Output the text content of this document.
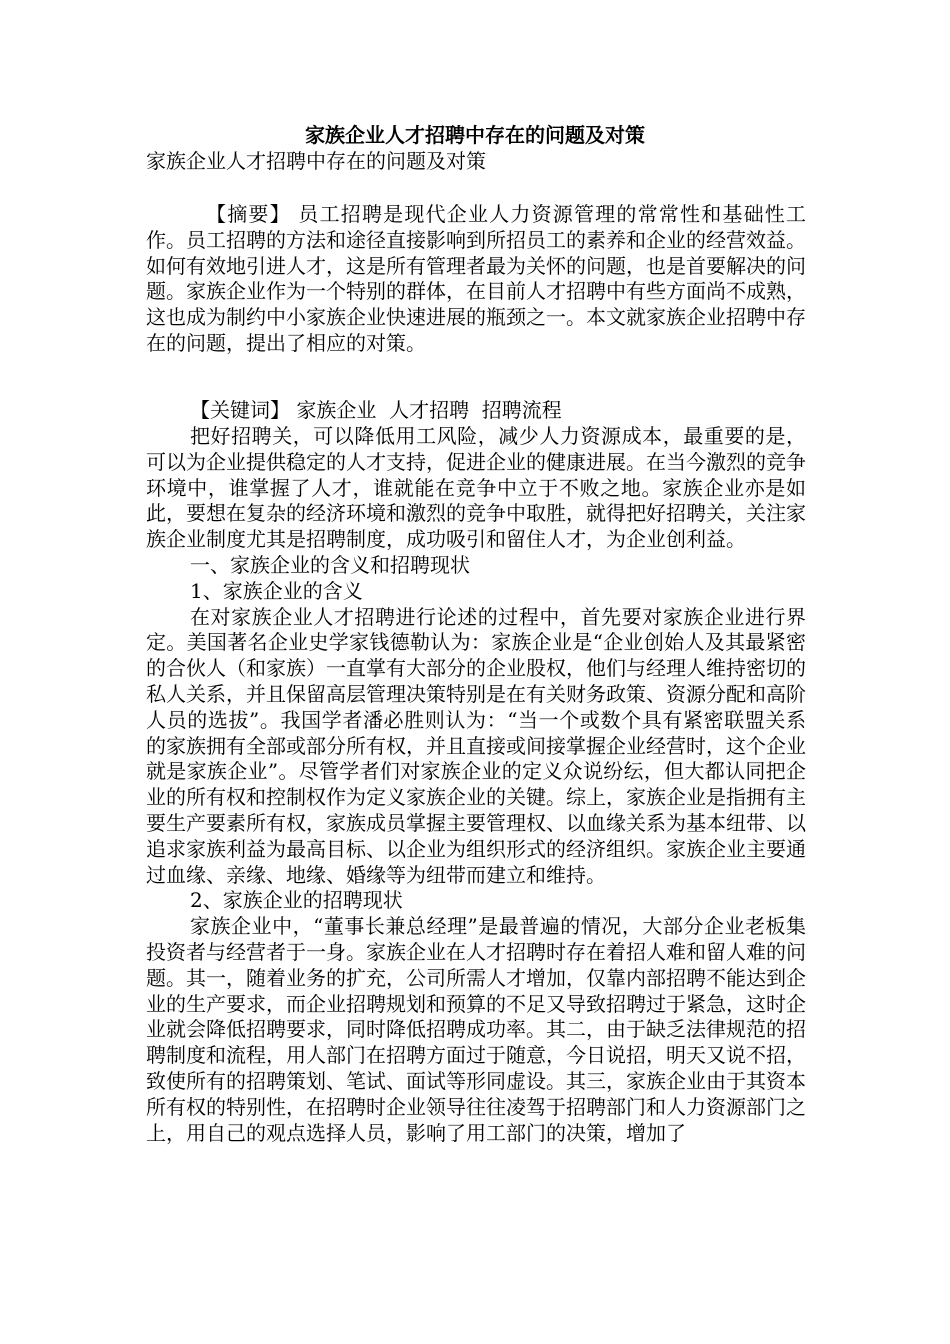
家族企业人才招聘中存在的问题及对策
家族企业人才招聘中存在的问题及对策
【摘要】 员工招聘是现代企业人力资源管理的常常性和基础性工作。员工招聘的方法和途径直接影响到所招员工的素养和企业的经营效益。如何有效地引进人才，这是所有管理者最为关怀的问题，也是首要解决的问题。家族企业作为一个特别的群体，在目前人才招聘中有些方面尚不成熟，这也成为制约中小家族企业快速进展的瓶颈之一。本文就家族企业招聘中存在的问题，提出了相应的对策。
【关键词】 家族企业  人才招聘  招聘流程

把好招聘关，可以降低用工风险，减少人力资源成本，最重要的是，可以为企业提供稳定的人才支持，促进企业的健康进展。在当今激烈的竞争环境中，谁掌握了人才，谁就能在竞争中立于不败之地。家族企业亦是如此，要想在复杂的经济环境和激烈的竞争中取胜，就得把好招聘关，关注家族企业制度尤其是招聘制度，成功吸引和留住人才，为企业创利益。

一、家族企业的含义和招聘现状

1、家族企业的含义

在对家族企业人才招聘进行论述的过程中，首先要对家族企业进行界定。美国著名企业史学家钱德勒认为：家族企业是“企业创始人及其最紧密的合伙人（和家族）一直掌有大部分的企业股权，他们与经理人维持密切的私人关系，并且保留高层管理决策特别是在有关财务政策、资源分配和高阶人员的选拔”。我国学者潘必胜则认为：“当一个或数个具有紧密联盟关系的家族拥有全部或部分所有权，并且直接或间接掌握企业经营时，这个企业就是家族企业”。尽管学者们对家族企业的定义众说纷纭，但大都认同把企业的所有权和控制权作为定义家族企业的关键。综上，家族企业是指拥有主要生产要素所有权，家族成员掌握主要管理权、以血缘关系为基本纽带、以追求家族利益为最高目标、以企业为组织形式的经济组织。家族企业主要通过血缘、亲缘、地缘、婚缘等为纽带而建立和维持。

2、家族企业的招聘现状

家族企业中，“董事长兼总经理”是最普遍的情况，大部分企业老板集投资者与经营者于一身。家族企业在人才招聘时存在着招人难和留人难的问题。其一，随着业务的扩充，公司所需人才增加，仅靠内部招聘不能达到企业的生产要求，而企业招聘规划和预算的不足又导致招聘过于紧急，这时企业就会降低招聘要求，同时降低招聘成功率。其二，由于缺乏法律规范的招聘制度和流程，用人部门在招聘方面过于随意，今日说招，明天又说不招，致使所有的招聘策划、笔试、面试等形同虚设。其三，家族企业由于其资本所有权的特别性，在招聘时企业领导往往凌驾于招聘部门和人力资源部门之上，用自己的观点选择人员，影响了用工部门的决策，增加了
